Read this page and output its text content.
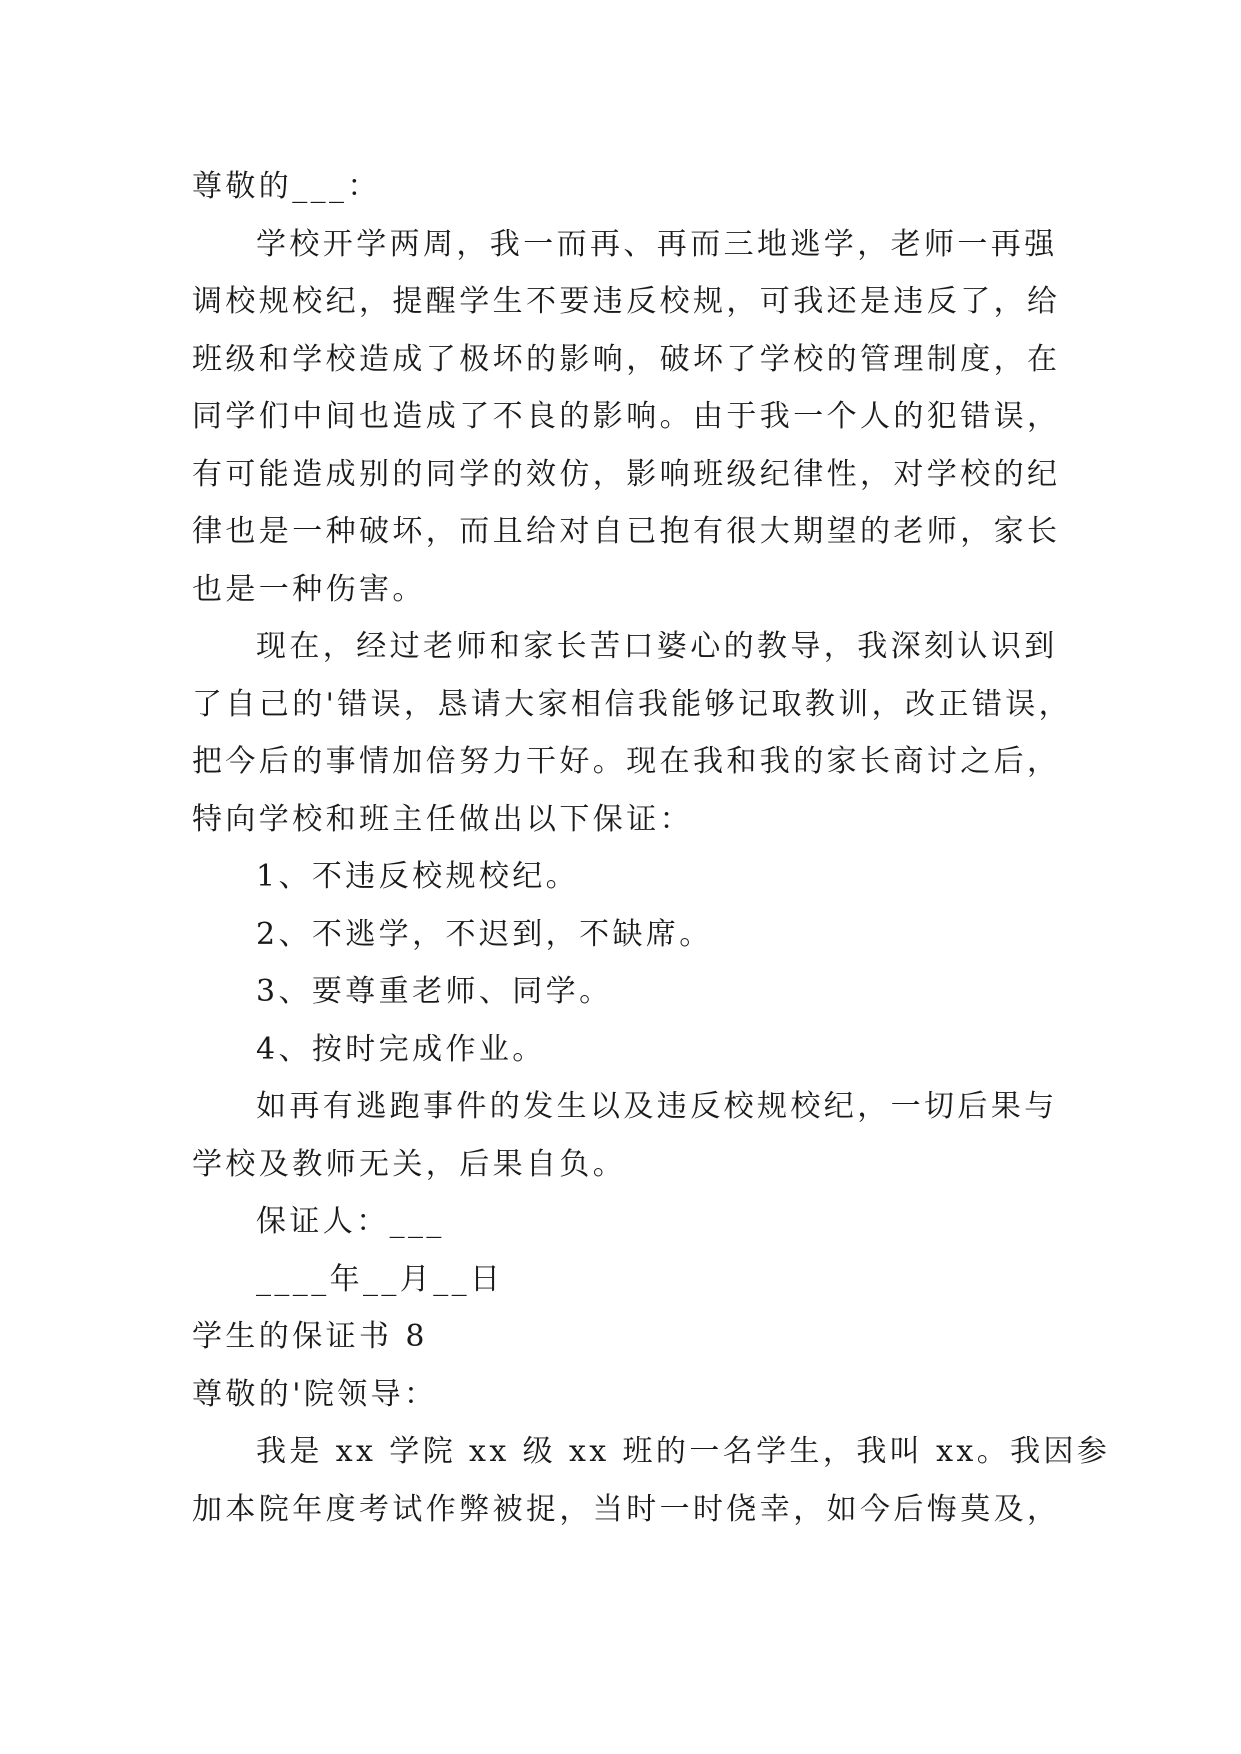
尊敬的___：
学校开学两周，我一而再、再而三地逃学，老师一再强
调校规校纪，提醒学生不要违反校规，可我还是违反了，给
班级和学校造成了极坏的影响，破坏了学校的管理制度，在
同学们中间也造成了不良的影响。由于我一个人的犯错误，
有可能造成别的同学的效仿，影响班级纪律性，对学校的纪
律也是一种破坏，而且给对自已抱有很大期望的老师，家长
也是一种伤害。
现在，经过老师和家长苦口婆心的教导，我深刻认识到
了自己的'错误，恳请大家相信我能够记取教训，改正错误，
把今后的事情加倍努力干好。现在我和我的家长商讨之后，
特向学校和班主任做出以下保证：
1、不违反校规校纪。
2、不逃学，不迟到，不缺席。
3、要尊重老师、同学。
4、按时完成作业。
如再有逃跑事件的发生以及违反校规校纪，一切后果与
学校及教师无关，后果自负。
保证人：___
____年__月__日
学生的保证书 8
尊敬的'院领导：
我是 xx 学院 xx 级 xx 班的一名学生，我叫 xx。我因参
加本院年度考试作弊被捉，当时一时侥幸，如今后悔莫及，
